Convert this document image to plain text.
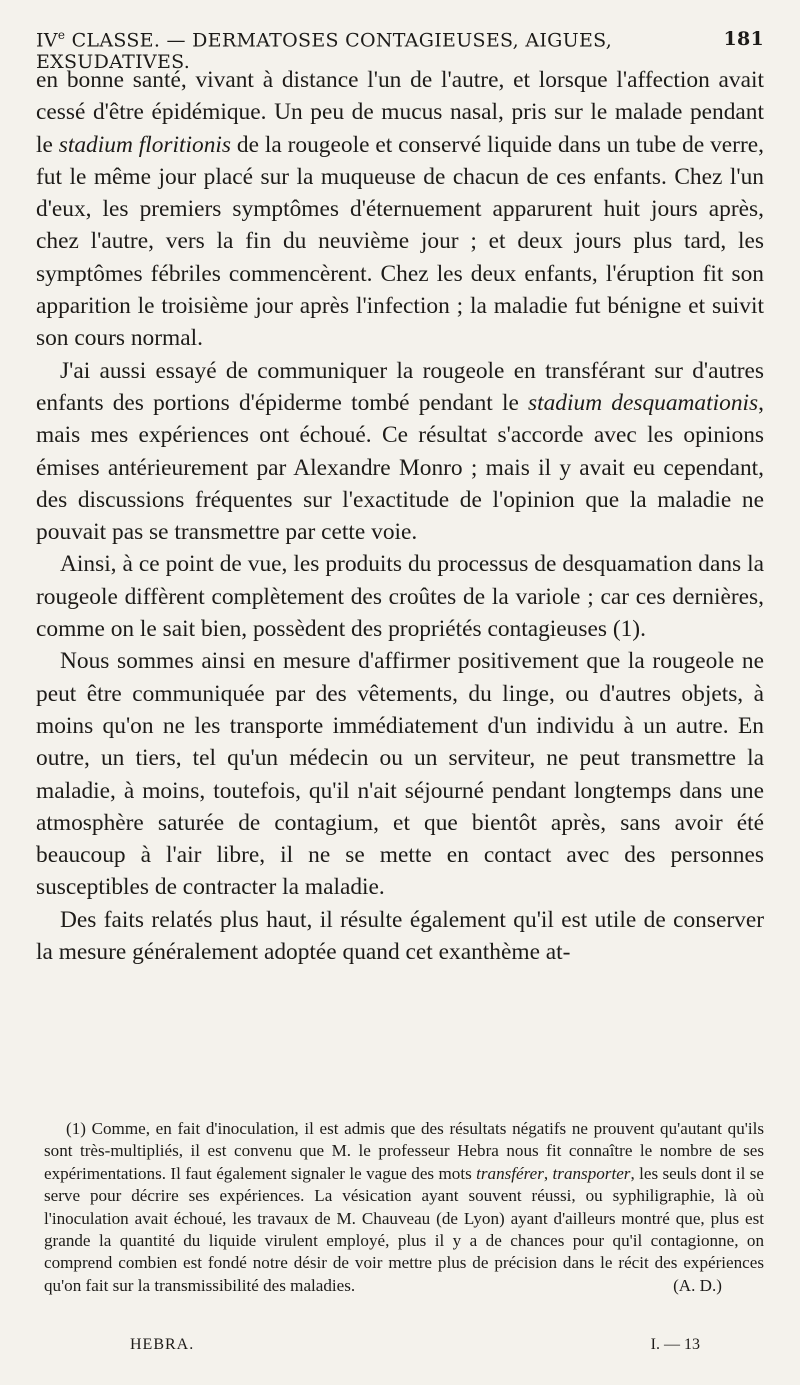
IVe CLASSE. — DERMATOSES CONTAGIEUSES, AIGUES, EXSUDATIVES.
181

en bonne santé, vivant à distance l'un de l'autre, et lorsque l'affection avait cessé d'être épidémique. Un peu de mucus nasal, pris sur le malade pendant le stadium floritionis de la rougeole et conservé liquide dans un tube de verre, fut le même jour placé sur la muqueuse de chacun de ces enfants. Chez l'un d'eux, les premiers symptômes d'éternuement apparurent huit jours après, chez l'autre, vers la fin du neuvième jour ; et deux jours plus tard, les symptômes fébriles commencèrent. Chez les deux enfants, l'éruption fit son apparition le troisième jour après l'infection ; la maladie fut bénigne et suivit son cours normal.

J'ai aussi essayé de communiquer la rougeole en transférant sur d'autres enfants des portions d'épiderme tombé pendant le stadium desquamationis, mais mes expériences ont échoué. Ce résultat s'accorde avec les opinions émises antérieurement par Alexandre Monro ; mais il y avait eu cependant, des discussions fréquentes sur l'exactitude de l'opinion que la maladie ne pouvait pas se transmettre par cette voie.

Ainsi, à ce point de vue, les produits du processus de desquamation dans la rougeole diffèrent complètement des croûtes de la variole ; car ces dernières, comme on le sait bien, possèdent des propriétés contagieuses (1).

Nous sommes ainsi en mesure d'affirmer positivement que la rougeole ne peut être communiquée par des vêtements, du linge, ou d'autres objets, à moins qu'on ne les transporte immédiatement d'un individu à un autre. En outre, un tiers, tel qu'un médecin ou un serviteur, ne peut transmettre la maladie, à moins, toutefois, qu'il n'ait séjourné pendant longtemps dans une atmosphère saturée de contagium, et que bientôt après, sans avoir été beaucoup à l'air libre, il ne se mette en contact avec des personnes susceptibles de contracter la maladie.

Des faits relatés plus haut, il résulte également qu'il est utile de conserver la mesure généralement adoptée quand cet exanthème at-

(1) Comme, en fait d'inoculation, il est admis que des résultats négatifs ne prouvent qu'autant qu'ils sont très-multipliés, il est convenu que M. le professeur Hebra nous fit connaître le nombre de ses expérimentations. Il faut également signaler le vague des mots transférer, transporter, les seuls dont il se serve pour décrire ses expériences. La vésication ayant souvent réussi, ou syphiligraphie, là où l'inoculation avait échoué, les travaux de M. Chauveau (de Lyon) ayant d'ailleurs montré que, plus est grande la quantité du liquide virulent employé, plus il y a de chances pour qu'il contagionne, on comprend combien est fondé notre désir de voir mettre plus de précision dans le récit des expériences qu'on fait sur la transmissibilité des maladies.	(A. D.)
HEBRA.	I. — 13
